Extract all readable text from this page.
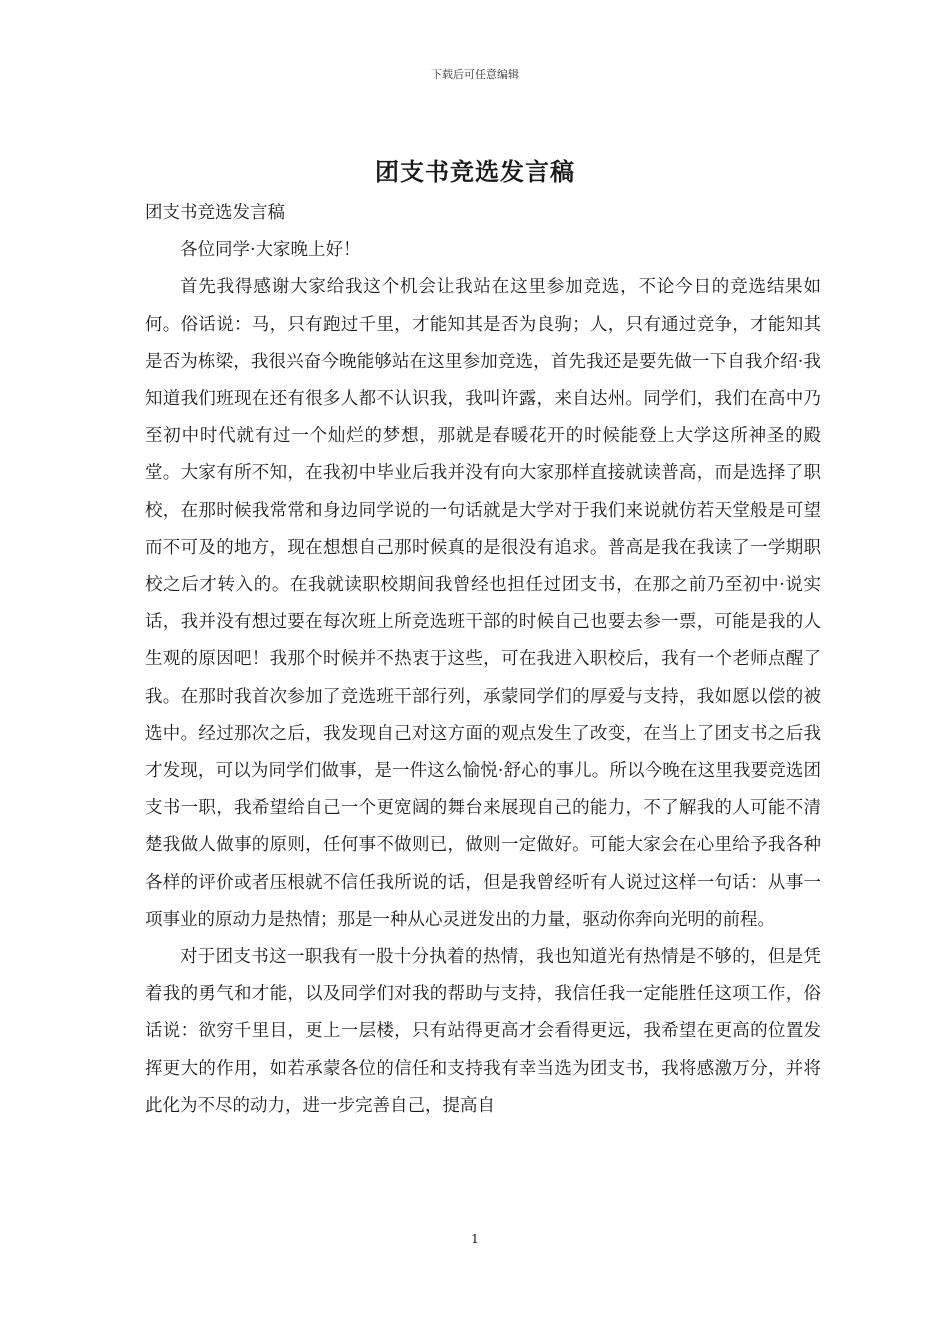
下载后可任意编辑
团支书竞选发言稿

团支书竞选发言稿

各位同学·大家晚上好！

首先我得感谢大家给我这个机会让我站在这里参加竞选，不论今日的竞选结果如何。俗话说：马，只有跑过千里，才能知其是否为良驹；人，只有通过竞争，才能知其是否为栋梁，我很兴奋今晚能够站在这里参加竞选，首先我还是要先做一下自我介绍·我知道我们班现在还有很多人都不认识我，我叫许露，来自达州。同学们，我们在高中乃至初中时代就有过一个灿烂的梦想，那就是春暖花开的时候能登上大学这所神圣的殿堂。大家有所不知，在我初中毕业后我并没有向大家那样直接就读普高，而是选择了职校，在那时候我常常和身边同学说的一句话就是大学对于我们来说就仿若天堂般是可望而不可及的地方，现在想想自己那时候真的是很没有追求。普高是我在我读了一学期职校之后才转入的。在我就读职校期间我曾经也担任过团支书，在那之前乃至初中·说实话，我并没有想过要在每次班上所竞选班干部的时候自己也要去参一票，可能是我的人生观的原因吧！我那个时候并不热衷于这些，可在我进入职校后，我有一个老师点醒了我。在那时我首次参加了竞选班干部行列，承蒙同学们的厚爱与支持，我如愿以偿的被选中。经过那次之后，我发现自己对这方面的观点发生了改变，在当上了团支书之后我才发现，可以为同学们做事，是一件这么愉悦·舒心的事儿。所以今晚在这里我要竞选团支书一职，我希望给自己一个更宽阔的舞台来展现自己的能力，不了解我的人可能不清楚我做人做事的原则，任何事不做则已，做则一定做好。可能大家会在心里给予我各种各样的评价或者压根就不信任我所说的话，但是我曾经听有人说过这样一句话：从事一项事业的原动力是热情；那是一种从心灵迸发出的力量，驱动你奔向光明的前程。

对于团支书这一职我有一股十分执着的热情，我也知道光有热情是不够的，但是凭着我的勇气和才能，以及同学们对我的帮助与支持，我信任我一定能胜任这项工作，俗话说：欲穷千里目，更上一层楼，只有站得更高才会看得更远，我希望在更高的位置发挥更大的作用，如若承蒙各位的信任和支持我有幸当选为团支书，我将感激万分，并将此化为不尽的动力，进一步完善自己，提高自

1
